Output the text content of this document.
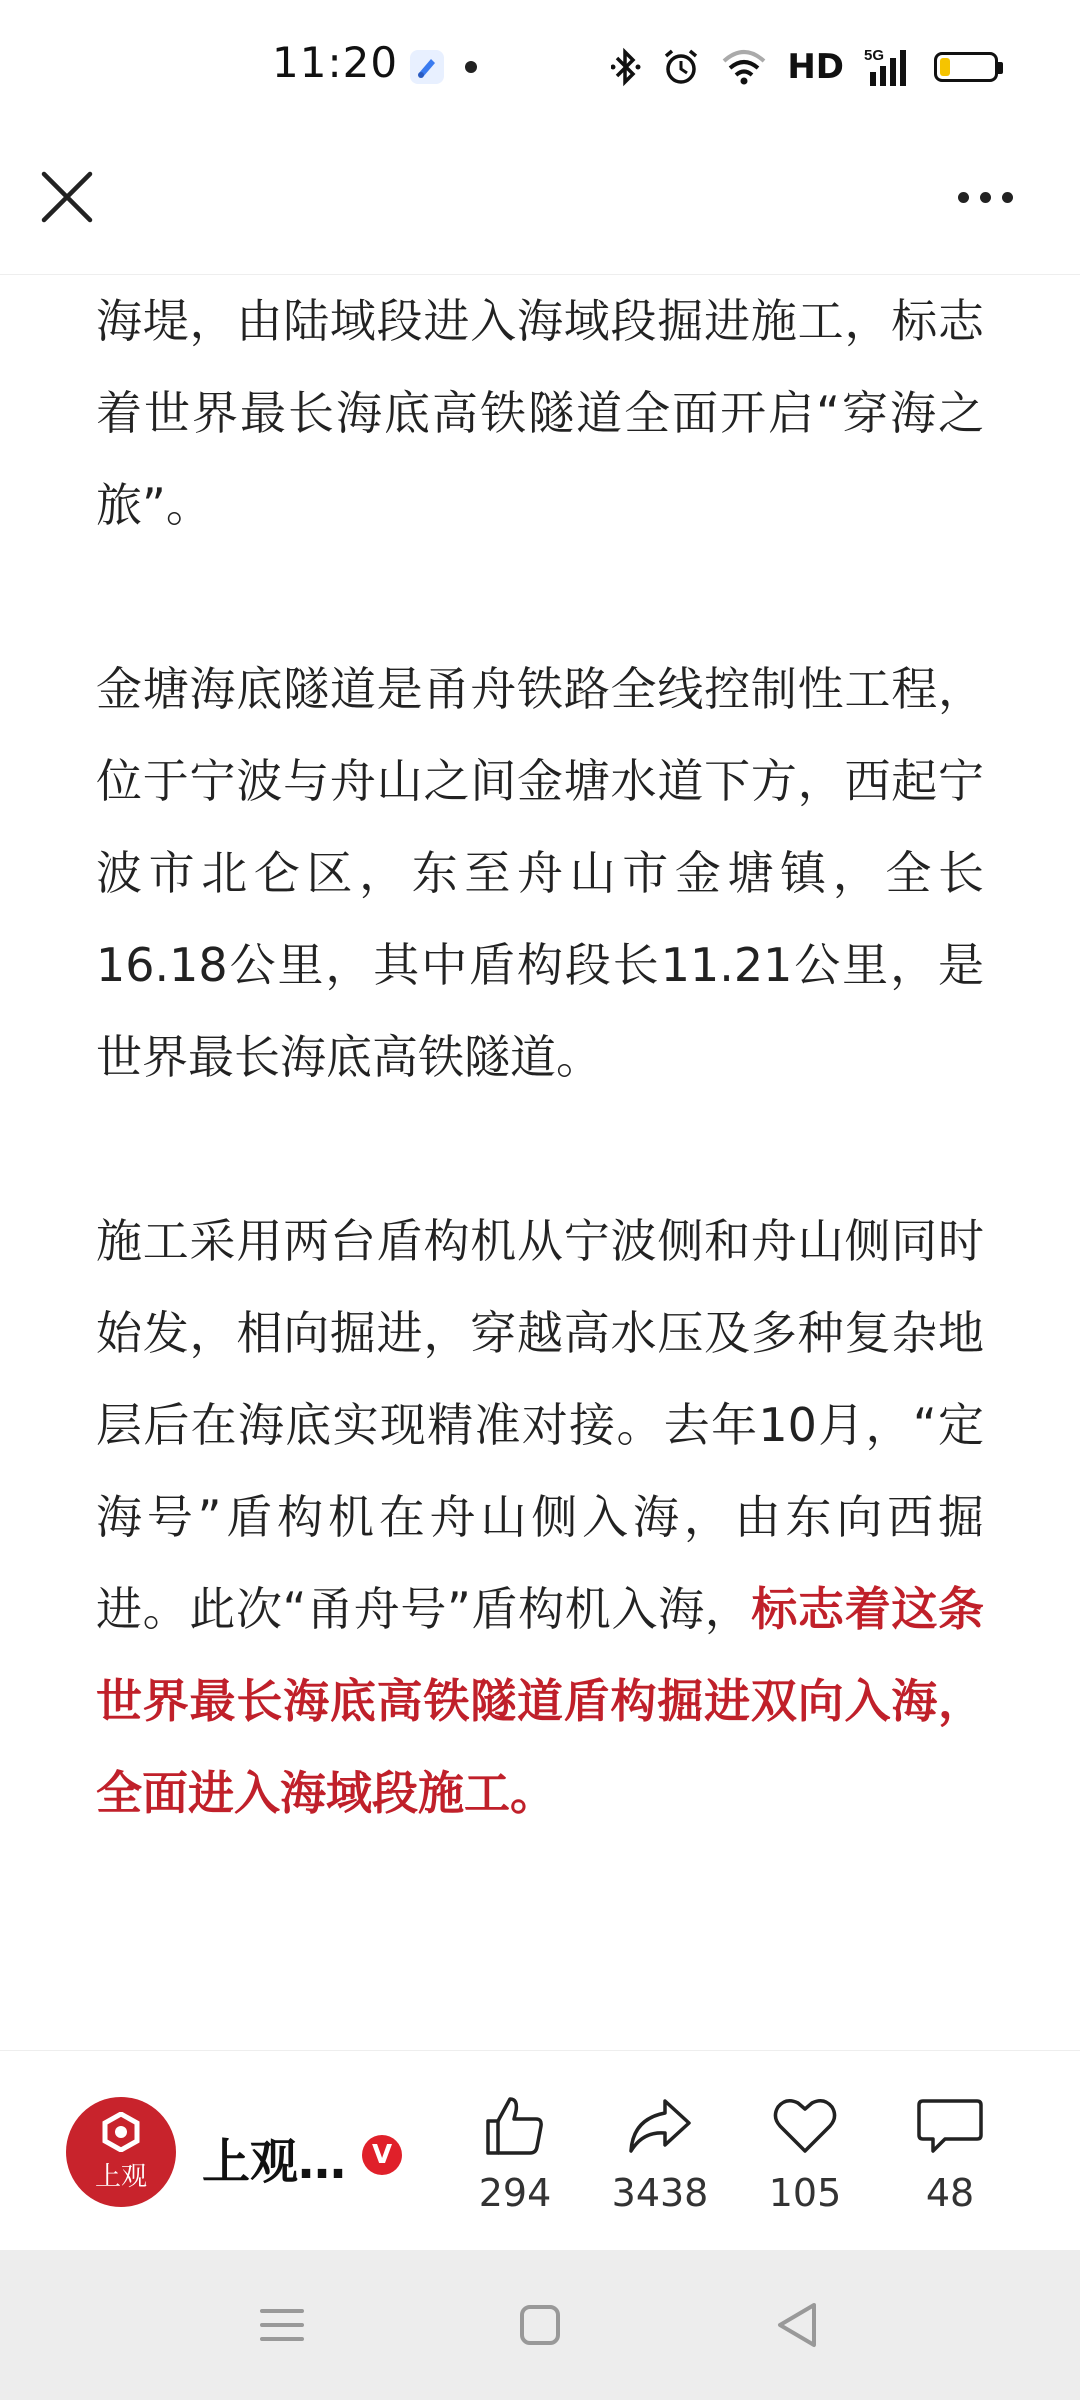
11:20	HD 5G

海堤，由陆域段进入海域段掘进施工，标志着世界最长海底高铁隧道全面开启“穿海之旅”。

金塘海底隧道是甬舟铁路全线控制性工程，位于宁波与舟山之间金塘水道下方，西起宁波市北仑区，东至舟山市金塘镇，全长16.18公里，其中盾构段长11.21公里，是世界最长海底高铁隧道。

施工采用两台盾构机从宁波侧和舟山侧同时始发，相向掘进，穿越高水压及多种复杂地层后在海底实现精准对接。去年10月，“定海号”盾构机在舟山侧入海，由东向西掘进。此次“甬舟号”盾构机入海，标志着这条世界最长海底高铁隧道盾构掘进双向入海，全面进入海域段施工。

上观 上观… V
294	3438	105	48
